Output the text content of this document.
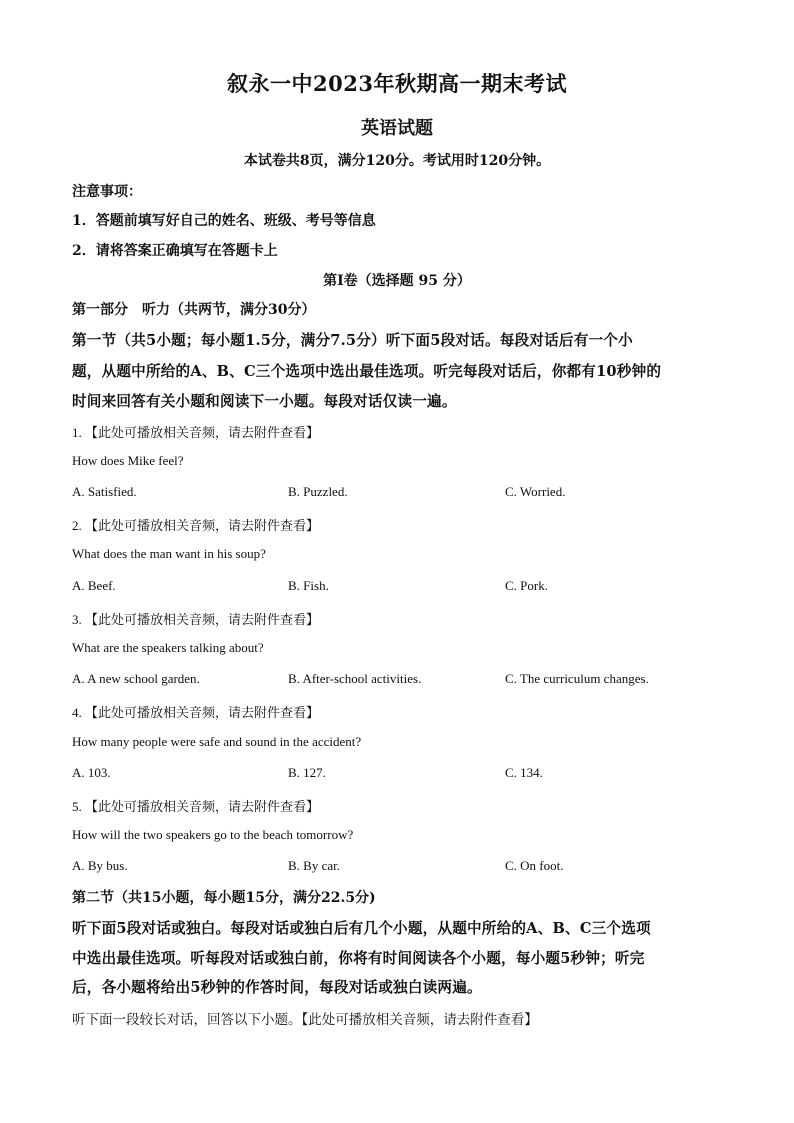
叙永一中2023年秋期高一期末考试
英语试题
本试卷共8页，满分120分。考试用时120分钟。
注意事项：
1．答题前填写好自己的姓名、班级、考号等信息
2．请将答案正确填写在答题卡上
第I卷（选择题 95 分）
第一部分　听力（共两节，满分30分）
第一节（共5小题；每小题1.5分，满分7.5分）听下面5段对话。每段对话后有一个小
题，从题中所给的A、B、C三个选项中选出最佳选项。听完每段对话后，你都有10秒钟的
时间来回答有关小题和阅读下一小题。每段对话仅读一遍。
1. 【此处可播放相关音频，请去附件查看】
How does Mike feel?
A. Satisfied.	B. Puzzled.	C. Worried.
2. 【此处可播放相关音频，请去附件查看】
What does the man want in his soup?
A. Beef.	B. Fish.	C. Pork.
3. 【此处可播放相关音频，请去附件查看】
What are the speakers talking about?
A. A new school garden.	B. After-school activities.	C. The curriculum changes.
4. 【此处可播放相关音频，请去附件查看】
How many people were safe and sound in the accident?
A. 103.	B. 127.	C. 134.
5. 【此处可播放相关音频，请去附件查看】
How will the two speakers go to the beach tomorrow?
A. By bus.	B. By car.	C. On foot.
第二节（共15小题，每小题15分，满分22.5分)
听下面5段对话或独白。每段对话或独白后有几个小题，从题中所给的A、B、C三个选项
中选出最佳选项。听每段对话或独白前，你将有时间阅读各个小题，每小题5秒钟；听完
后，各小题将给出5秒钟的作答时间，每段对话或独白读两遍。
听下面一段较长对话，回答以下小题。【此处可播放相关音频，请去附件查看】
